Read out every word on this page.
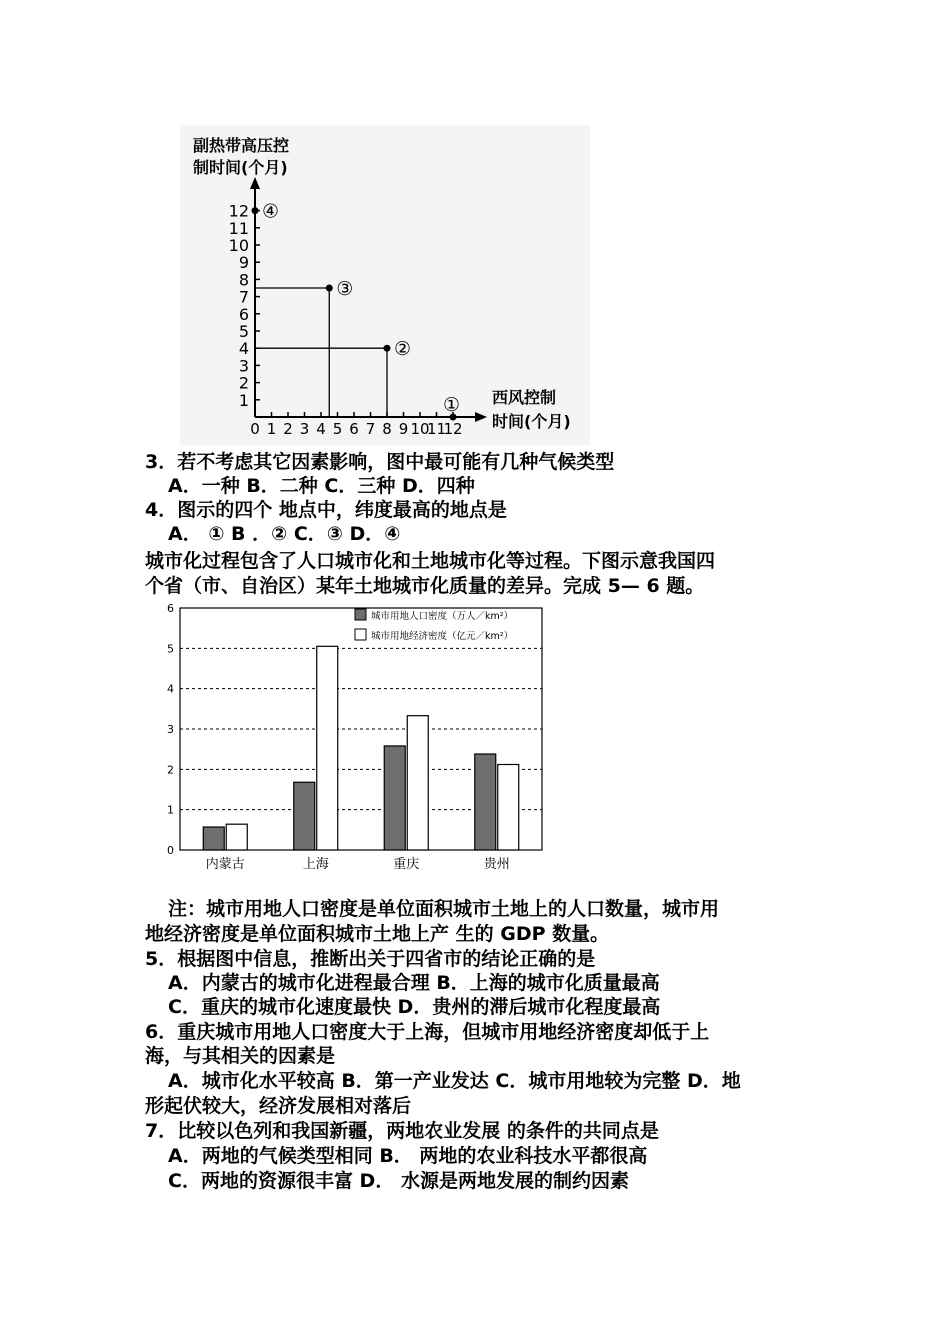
副热带高压控
制时间(个月)
西风控制
时间(个月)
1
2
3
4
5
6
7
8
9
10
11
12
0 1 2 3 4 5 6 7 8 9 10
11
12
①
②
③
④
3．若不考虑其它因素影响，图中最可能有几种气候类型
A．一种 B．二种 C．三种 D．四种
4．图示的四个 地点中，纬度最高的地点是
A． ① B ．② C．③ D．④
城市化过程包含了人口城市化和土地城市化等过程。下图示意我国四
个省（市、自治区）某年土地城市化质量的差异。完成 5— 6 题。
0
1
2
3
4
5
6
内蒙古	上海	重庆	贵州
城市用地人口密度（万人／km²）
城市用地经济密度（亿元／km²）
注：城市用地人口密度是单位面积城市土地上的人口数量，城市用
地经济密度是单位面积城市土地上产 生的 GDP 数量。
5．根据图中信息，推断出关于四省市的结论正确的是
A．内蒙古的城市化进程最合理 B．上海的城市化质量最高
C．重庆的城市化速度最快 D．贵州的滞后城市化程度最高
6．重庆城市用地人口密度大于上海，但城市用地经济密度却低于上
海，与其相关的因素是
A．城市化水平较高 B．第一产业发达 C．城市用地较为完整 D．地
形起伏较大，经济发展相对落后
7．比较以色列和我国新疆，两地农业发展 的条件的共同点是
A．两地的气候类型相同 B． 两地的农业科技水平都很高
C．两地的资源很丰富 D． 水源是两地发展的制约因素
